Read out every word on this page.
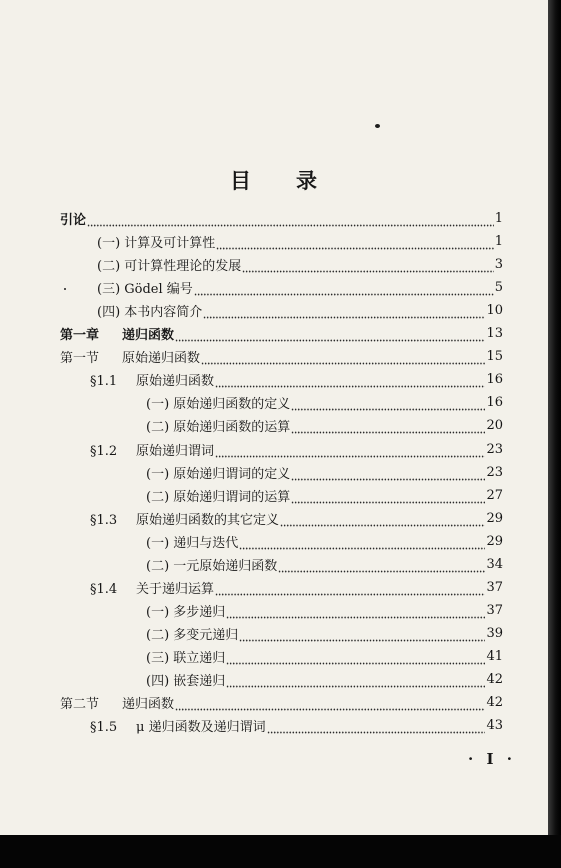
目 录
引论	1
(一) 计算及可计算性	1
(二) 可计算性理论的发展	3
(三) Gödel 编号	5
(四) 本书内容简介	10
第一章 递归函数	13
第一节 原始递归函数	15
§1.1 原始递归函数	16
(一) 原始递归函数的定义	16
(二) 原始递归函数的运算	20
§1.2 原始递归谓词	23
(一) 原始递归谓词的定义	23
(二) 原始递归谓词的运算	27
§1.3 原始递归函数的其它定义	29
(一) 递归与迭代	29
(二) 一元原始递归函数	34
§1.4 关于递归运算	37
(一) 多步递归	37
(二) 多变元递归	39
(三) 联立递归	41
(四) 嵌套递归	42
第二节 递归函数	42
§1.5 μ 递归函数及递归谓词	43
· I ·
